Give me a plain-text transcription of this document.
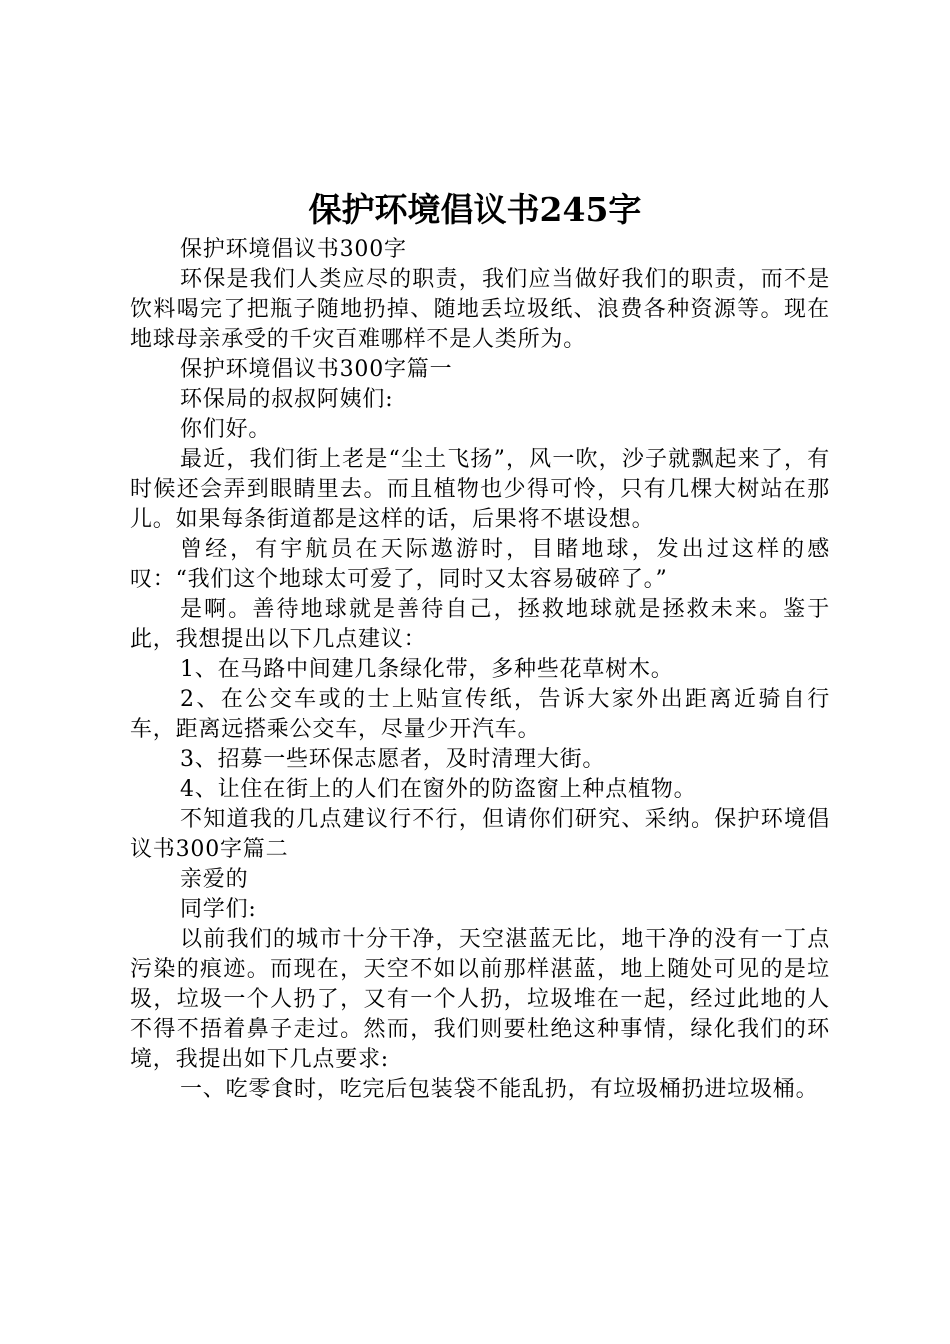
保护环境倡议书245字

保护环境倡议书300字

环保是我们人类应尽的职责，我们应当做好我们的职责，而不是饮料喝完了把瓶子随地扔掉、随地丢垃圾纸、浪费各种资源等。现在地球母亲承受的千灾百难哪样不是人类所为。

保护环境倡议书300字篇一

环保局的叔叔阿姨们:

你们好。

最近，我们街上老是“尘土飞扬”，风一吹，沙子就飘起来了，有时候还会弄到眼睛里去。而且植物也少得可怜，只有几棵大树站在那儿。如果每条街道都是这样的话，后果将不堪设想。

曾经，有宇航员在天际遨游时，目睹地球，发出过这样的感叹：“我们这个地球太可爱了，同时又太容易破碎了。”

是啊。善待地球就是善待自己，拯救地球就是拯救未来。鉴于此，我想提出以下几点建议：

1、在马路中间建几条绿化带，多种些花草树木。

2、在公交车或的士上贴宣传纸，告诉大家外出距离近骑自行车，距离远搭乘公交车，尽量少开汽车。

3、招募一些环保志愿者，及时清理大街。

4、让住在街上的人们在窗外的防盗窗上种点植物。

不知道我的几点建议行不行，但请你们研究、采纳。保护环境倡议书300字篇二

亲爱的

同学们:

以前我们的城市十分干净，天空湛蓝无比，地干净的没有一丁点污染的痕迹。而现在，天空不如以前那样湛蓝，地上随处可见的是垃圾，垃圾一个人扔了，又有一个人扔，垃圾堆在一起，经过此地的人不得不捂着鼻子走过。然而，我们则要杜绝这种事情，绿化我们的环境，我提出如下几点要求:

一、吃零食时，吃完后包装袋不能乱扔，有垃圾桶扔进垃圾桶。
